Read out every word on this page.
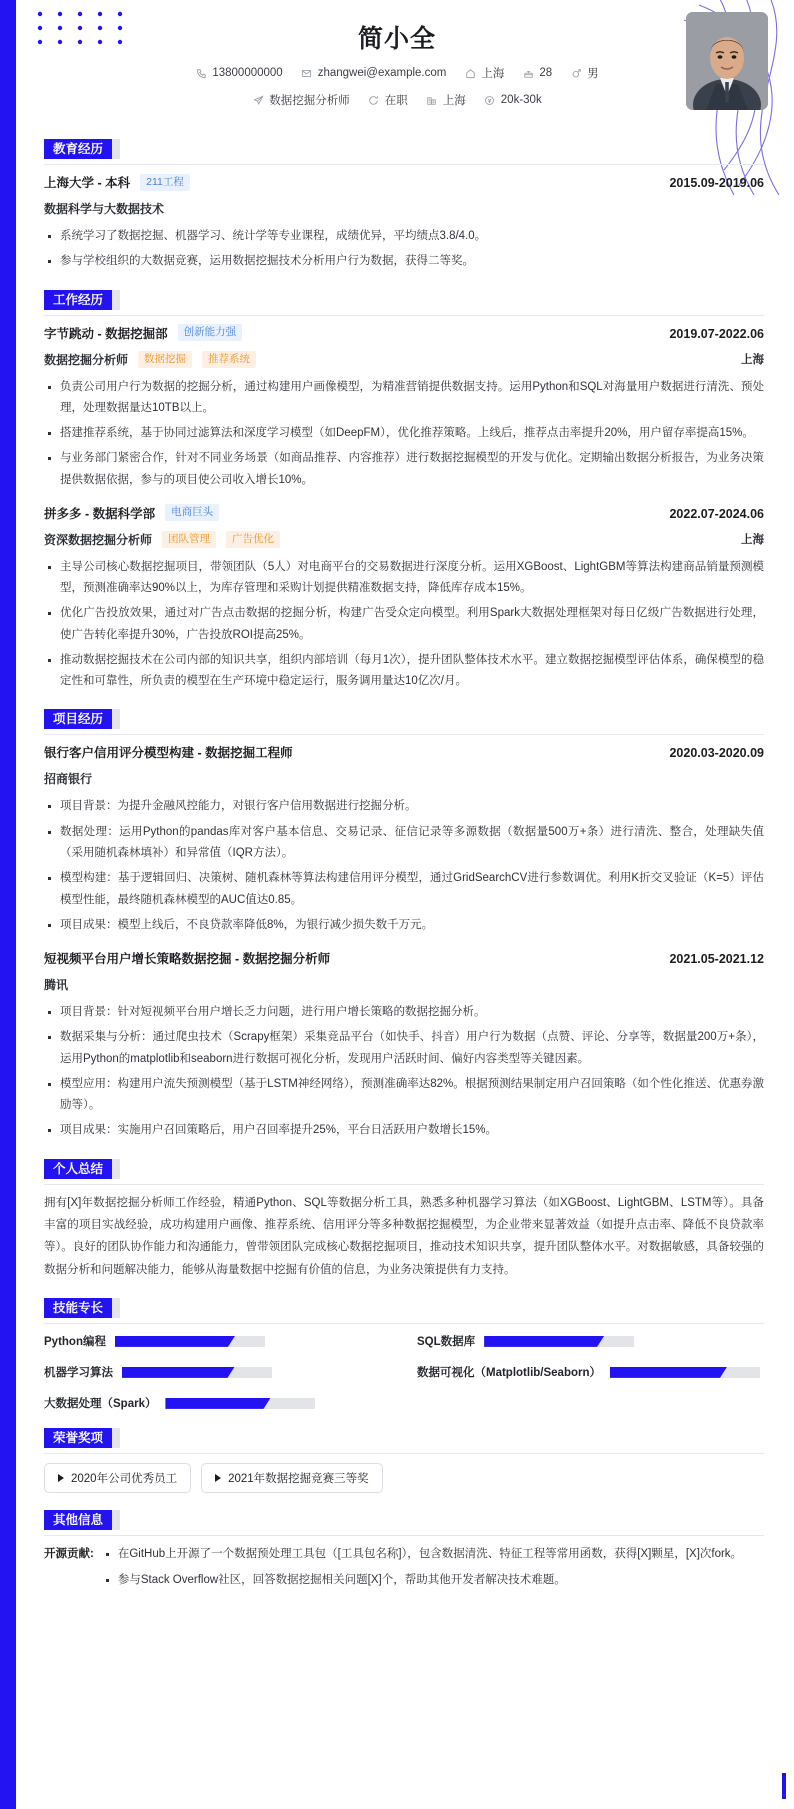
简小全
13800000000	zhangwei@example.com	上海	28	男
数据挖掘分析师	在职	上海	20k-30k
教育经历
上海大学 - 本科	211工程	2015.09-2019.06
数据科学与大数据技术
系统学习了数据挖掘、机器学习、统计学等专业课程，成绩优异，平均绩点3.8/4.0。
参与学校组织的大数据竞赛，运用数据挖掘技术分析用户行为数据，获得二等奖。
工作经历
字节跳动 - 数据挖掘部	创新能力强	2019.07-2022.06
数据挖掘分析师	数据挖掘	推荐系统	上海
负责公司用户行为数据的挖掘分析，通过构建用户画像模型，为精准营销提供数据支持。运用Python和SQL对海量用户数据进行清洗、预处理，处理数据量达10TB以上。
搭建推荐系统，基于协同过滤算法和深度学习模型（如DeepFM），优化推荐策略。上线后，推荐点击率提升20%，用户留存率提高15%。
与业务部门紧密合作，针对不同业务场景（如商品推荐、内容推荐）进行数据挖掘模型的开发与优化。定期输出数据分析报告，为业务决策提供数据依据，参与的项目使公司收入增长10%。
拼多多 - 数据科学部	电商巨头	2022.07-2024.06
资深数据挖掘分析师	团队管理	广告优化	上海
主导公司核心数据挖掘项目，带领团队（5人）对电商平台的交易数据进行深度分析。运用XGBoost、LightGBM等算法构建商品销量预测模型，预测准确率达90%以上，为库存管理和采购计划提供精准数据支持，降低库存成本15%。
优化广告投放效果，通过对广告点击数据的挖掘分析，构建广告受众定向模型。利用Spark大数据处理框架对每日亿级广告数据进行处理，使广告转化率提升30%，广告投放ROI提高25%。
推动数据挖掘技术在公司内部的知识共享，组织内部培训（每月1次），提升团队整体技术水平。建立数据挖掘模型评估体系，确保模型的稳定性和可靠性，所负责的模型在生产环境中稳定运行，服务调用量达10亿次/月。
项目经历
银行客户信用评分模型构建 - 数据挖掘工程师	2020.03-2020.09
招商银行
项目背景：为提升金融风控能力，对银行客户信用数据进行挖掘分析。
数据处理：运用Python的pandas库对客户基本信息、交易记录、征信记录等多源数据（数据量500万+条）进行清洗、整合，处理缺失值（采用随机森林填补）和异常值（IQR方法）。
模型构建：基于逻辑回归、决策树、随机森林等算法构建信用评分模型，通过GridSearchCV进行参数调优。利用K折交叉验证（K=5）评估模型性能，最终随机森林模型的AUC值达0.85。
项目成果：模型上线后，不良贷款率降低8%，为银行减少损失数千万元。
短视频平台用户增长策略数据挖掘 - 数据挖掘分析师	2021.05-2021.12
腾讯
项目背景：针对短视频平台用户增长乏力问题，进行用户增长策略的数据挖掘分析。
数据采集与分析：通过爬虫技术（Scrapy框架）采集竞品平台（如快手、抖音）用户行为数据（点赞、评论、分享等，数据量200万+条），运用Python的matplotlib和seaborn进行数据可视化分析，发现用户活跃时间、偏好内容类型等关键因素。
模型应用：构建用户流失预测模型（基于LSTM神经网络），预测准确率达82%。根据预测结果制定用户召回策略（如个性化推送、优惠券激励等）。
项目成果：实施用户召回策略后，用户召回率提升25%，平台日活跃用户数增长15%。
个人总结
拥有[X]年数据挖掘分析师工作经验，精通Python、SQL等数据分析工具，熟悉多种机器学习算法（如XGBoost、LightGBM、LSTM等）。具备丰富的项目实战经验，成功构建用户画像、推荐系统、信用评分等多种数据挖掘模型，为企业带来显著效益（如提升点击率、降低不良贷款率等）。良好的团队协作能力和沟通能力，曾带领团队完成核心数据挖掘项目，推动技术知识共享，提升团队整体水平。对数据敏感，具备较强的数据分析和问题解决能力，能够从海量数据中挖掘有价值的信息，为业务决策提供有力支持。
技能专长
Python编程	SQL数据库
机器学习算法	数据可视化（Matplotlib/Seaborn）
大数据处理（Spark）
荣誉奖项
2020年公司优秀员工	2021年数据挖掘竞赛三等奖
其他信息
开源贡献:	在GitHub上开源了一个数据预处理工具包（[工具包名称]），包含数据清洗、特征工程等常用函数，获得[X]颗星，[X]次fork。
参与Stack Overflow社区，回答数据挖掘相关问题[X]个，帮助其他开发者解决技术难题。
